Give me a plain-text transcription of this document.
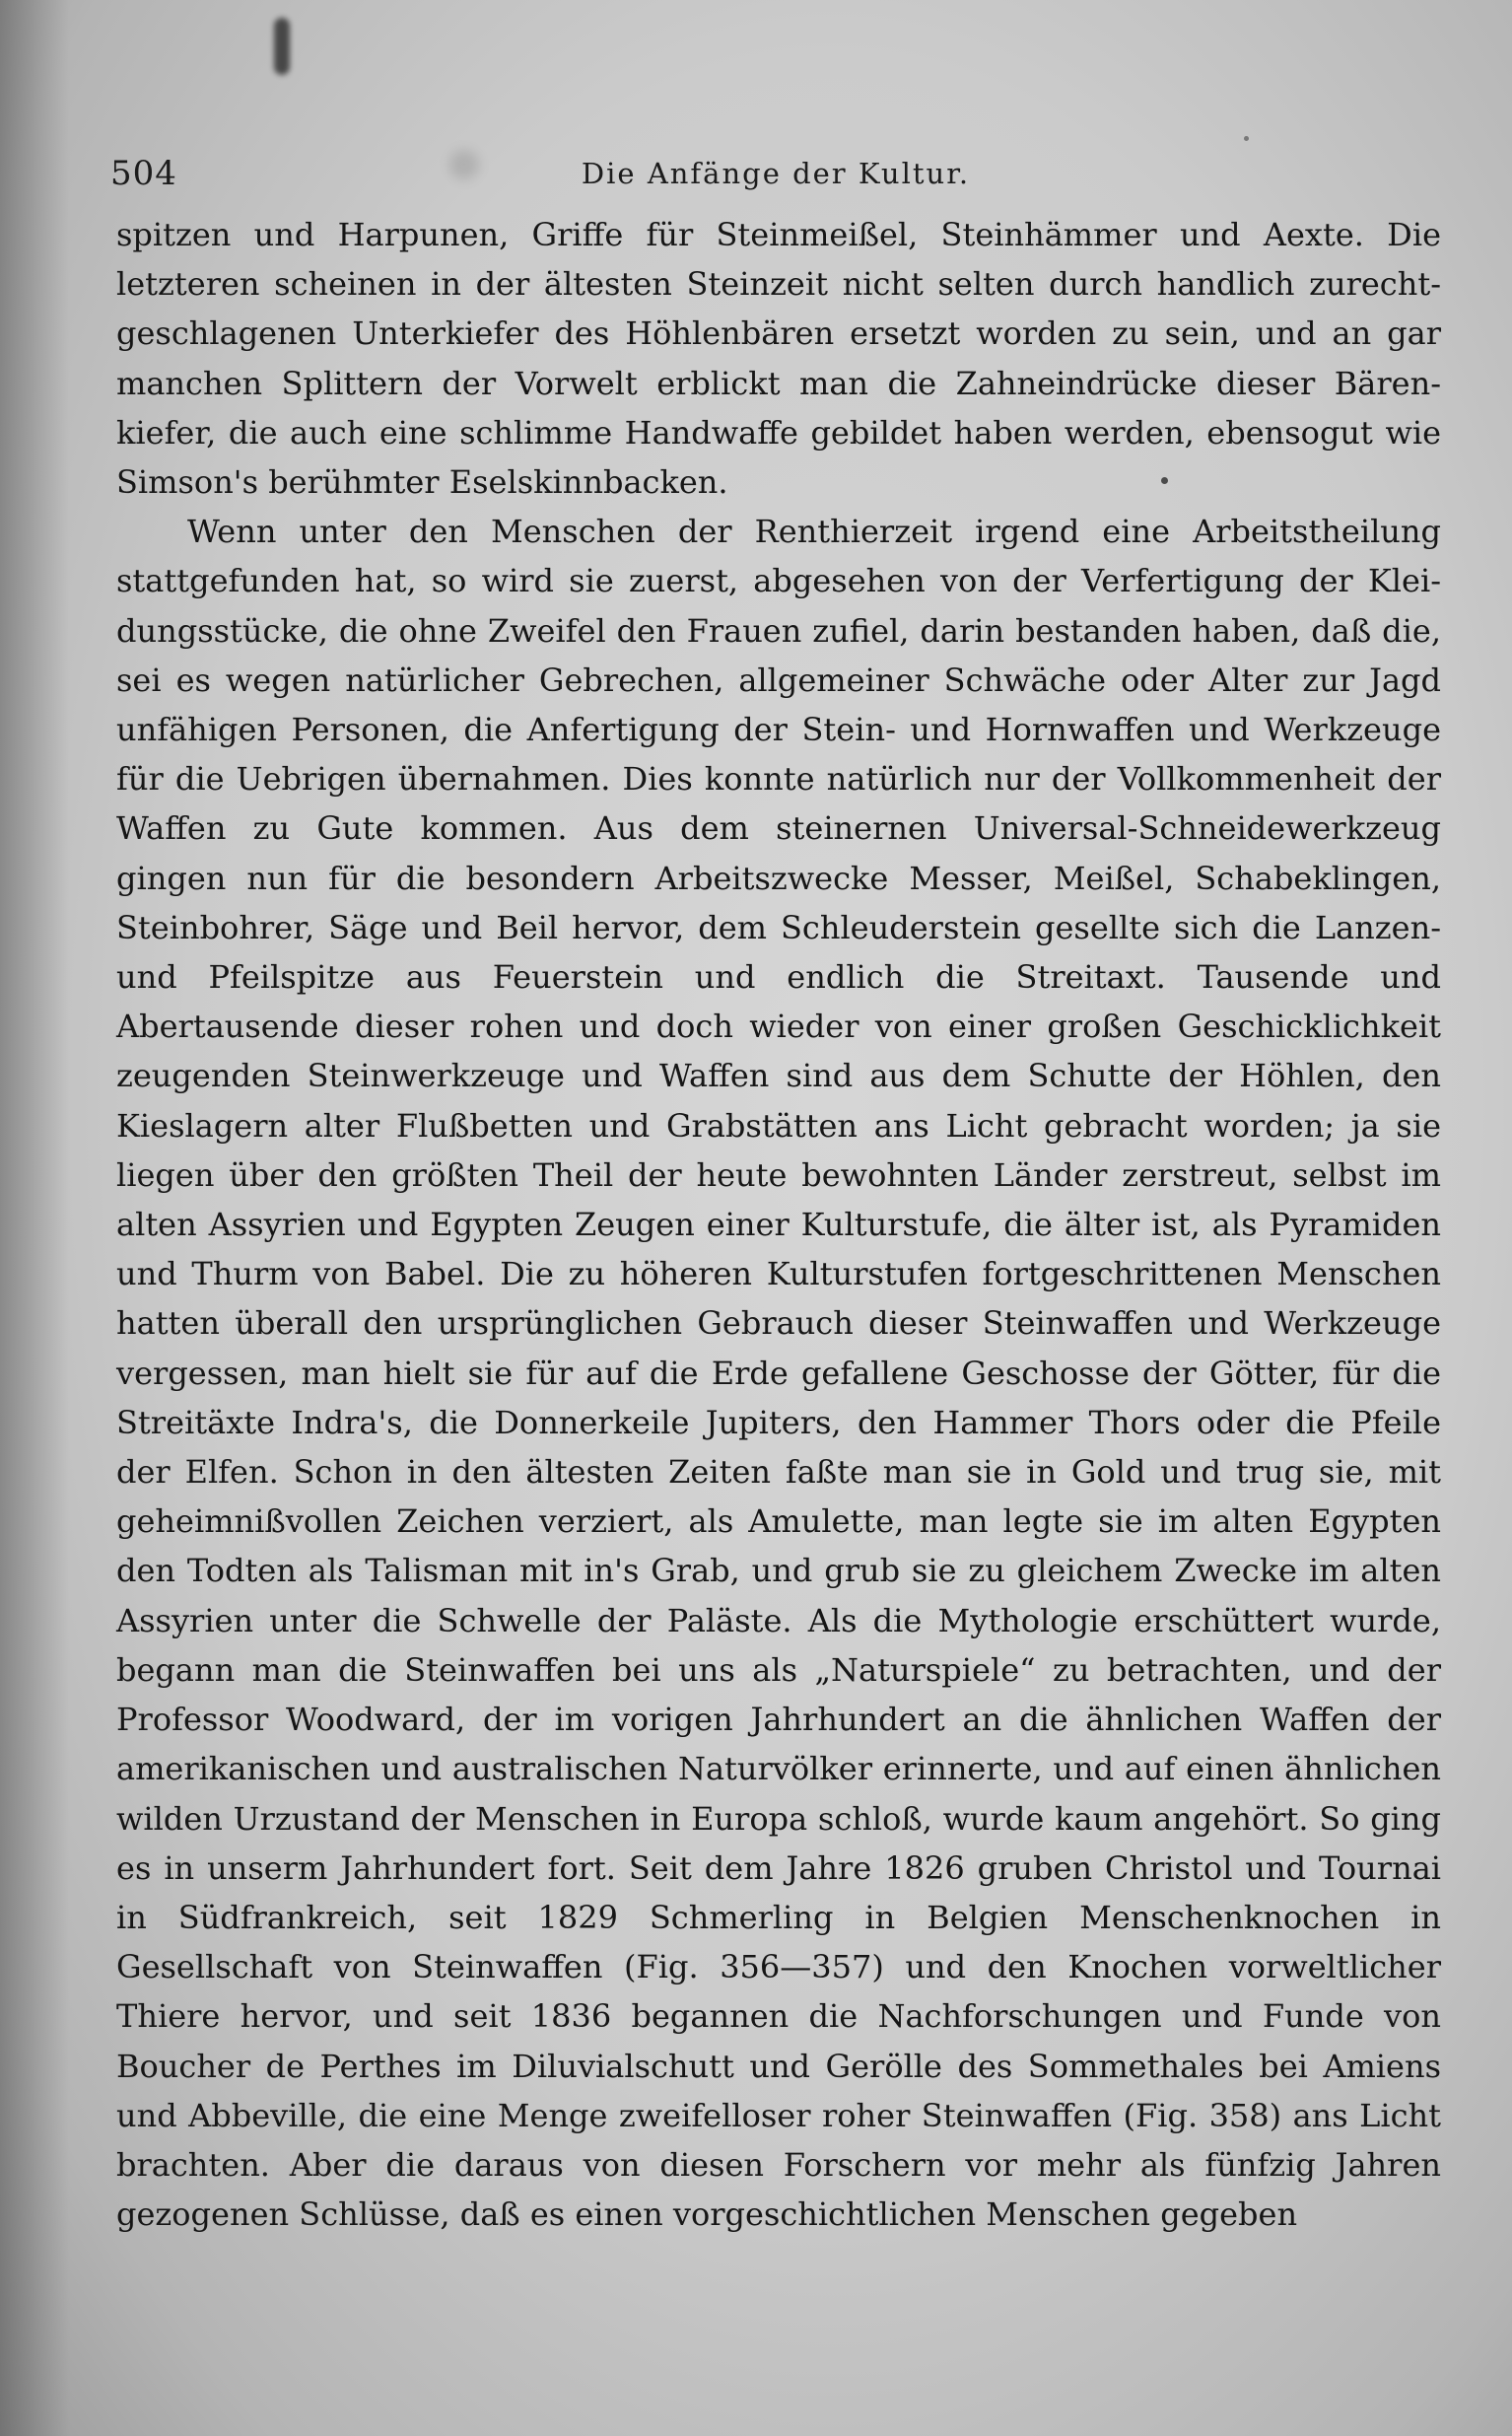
504	Die Anfänge der Kultur.

spitzen und Harpunen, Griffe für Steinmeißel, Steinhämmer und Aexte. Die letzteren scheinen in der ältesten Steinzeit nicht selten durch handlich zurechtgeschlagenen Unterkiefer des Höhlenbären ersetzt worden zu sein, und an gar manchen Splittern der Vorwelt erblickt man die Zahneindrücke dieser Bärenkiefer, die auch eine schlimme Handwaffe gebildet haben werden, ebensogut wie Simson's berühmter Eselskinnbacken.

Wenn unter den Menschen der Renthierzeit irgend eine Arbeitstheilung stattgefunden hat, so wird sie zuerst, abgesehen von der Verfertigung der Kleidungsstücke, die ohne Zweifel den Frauen zufiel, darin bestanden haben, daß die, sei es wegen natürlicher Gebrechen, allgemeiner Schwäche oder Alter zur Jagd unfähigen Personen, die Anfertigung der Stein- und Hornwaffen und Werkzeuge für die Uebrigen übernahmen. Dies konnte natürlich nur der Vollkommenheit der Waffen zu Gute kommen. Aus dem steinernen Universal-Schneidewerkzeug gingen nun für die besondern Arbeitszwecke Messer, Meißel, Schabeklingen, Steinbohrer, Säge und Beil hervor, dem Schleuderstein gesellte sich die Lanzen- und Pfeilspitze aus Feuerstein und endlich die Streitaxt. Tausende und Abertausende dieser rohen und doch wieder von einer großen Geschicklichkeit zeugenden Steinwerkzeuge und Waffen sind aus dem Schutte der Höhlen, den Kieslagern alter Flußbetten und Grabstätten ans Licht gebracht worden; ja sie liegen über den größten Theil der heute bewohnten Länder zerstreut, selbst im alten Assyrien und Egypten Zeugen einer Kulturstufe, die älter ist, als Pyramiden und Thurm von Babel. Die zu höheren Kulturstufen fortgeschrittenen Menschen hatten überall den ursprünglichen Gebrauch dieser Steinwaffen und Werkzeuge vergessen, man hielt sie für auf die Erde gefallene Geschosse der Götter, für die Streitäxte Indra's, die Donnerkeile Jupiters, den Hammer Thors oder die Pfeile der Elfen. Schon in den ältesten Zeiten faßte man sie in Gold und trug sie, mit geheimnißvollen Zeichen verziert, als Amulette, man legte sie im alten Egypten den Todten als Talisman mit in's Grab, und grub sie zu gleichem Zwecke im alten Assyrien unter die Schwelle der Paläste. Als die Mythologie erschüttert wurde, begann man die Steinwaffen bei uns als „Naturspiele“ zu betrachten, und der Professor Woodward, der im vorigen Jahrhundert an die ähnlichen Waffen der amerikanischen und australischen Naturvölker erinnerte, und auf einen ähnlichen wilden Urzustand der Menschen in Europa schloß, wurde kaum angehört. So ging es in unserm Jahrhundert fort. Seit dem Jahre 1826 gruben Christol und Tournai in Südfrankreich, seit 1829 Schmerling in Belgien Menschenknochen in Gesellschaft von Steinwaffen (Fig. 356—357) und den Knochen vorweltlicher Thiere hervor, und seit 1836 begannen die Nachforschungen und Funde von Boucher de Perthes im Diluvialschutt und Gerölle des Sommethales bei Amiens und Abbeville, die eine Menge zweifelloser roher Steinwaffen (Fig. 358) ans Licht brachten. Aber die daraus von diesen Forschern vor mehr als fünfzig Jahren gezogenen Schlüsse, daß es einen vorgeschichtlichen Menschen gegeben
